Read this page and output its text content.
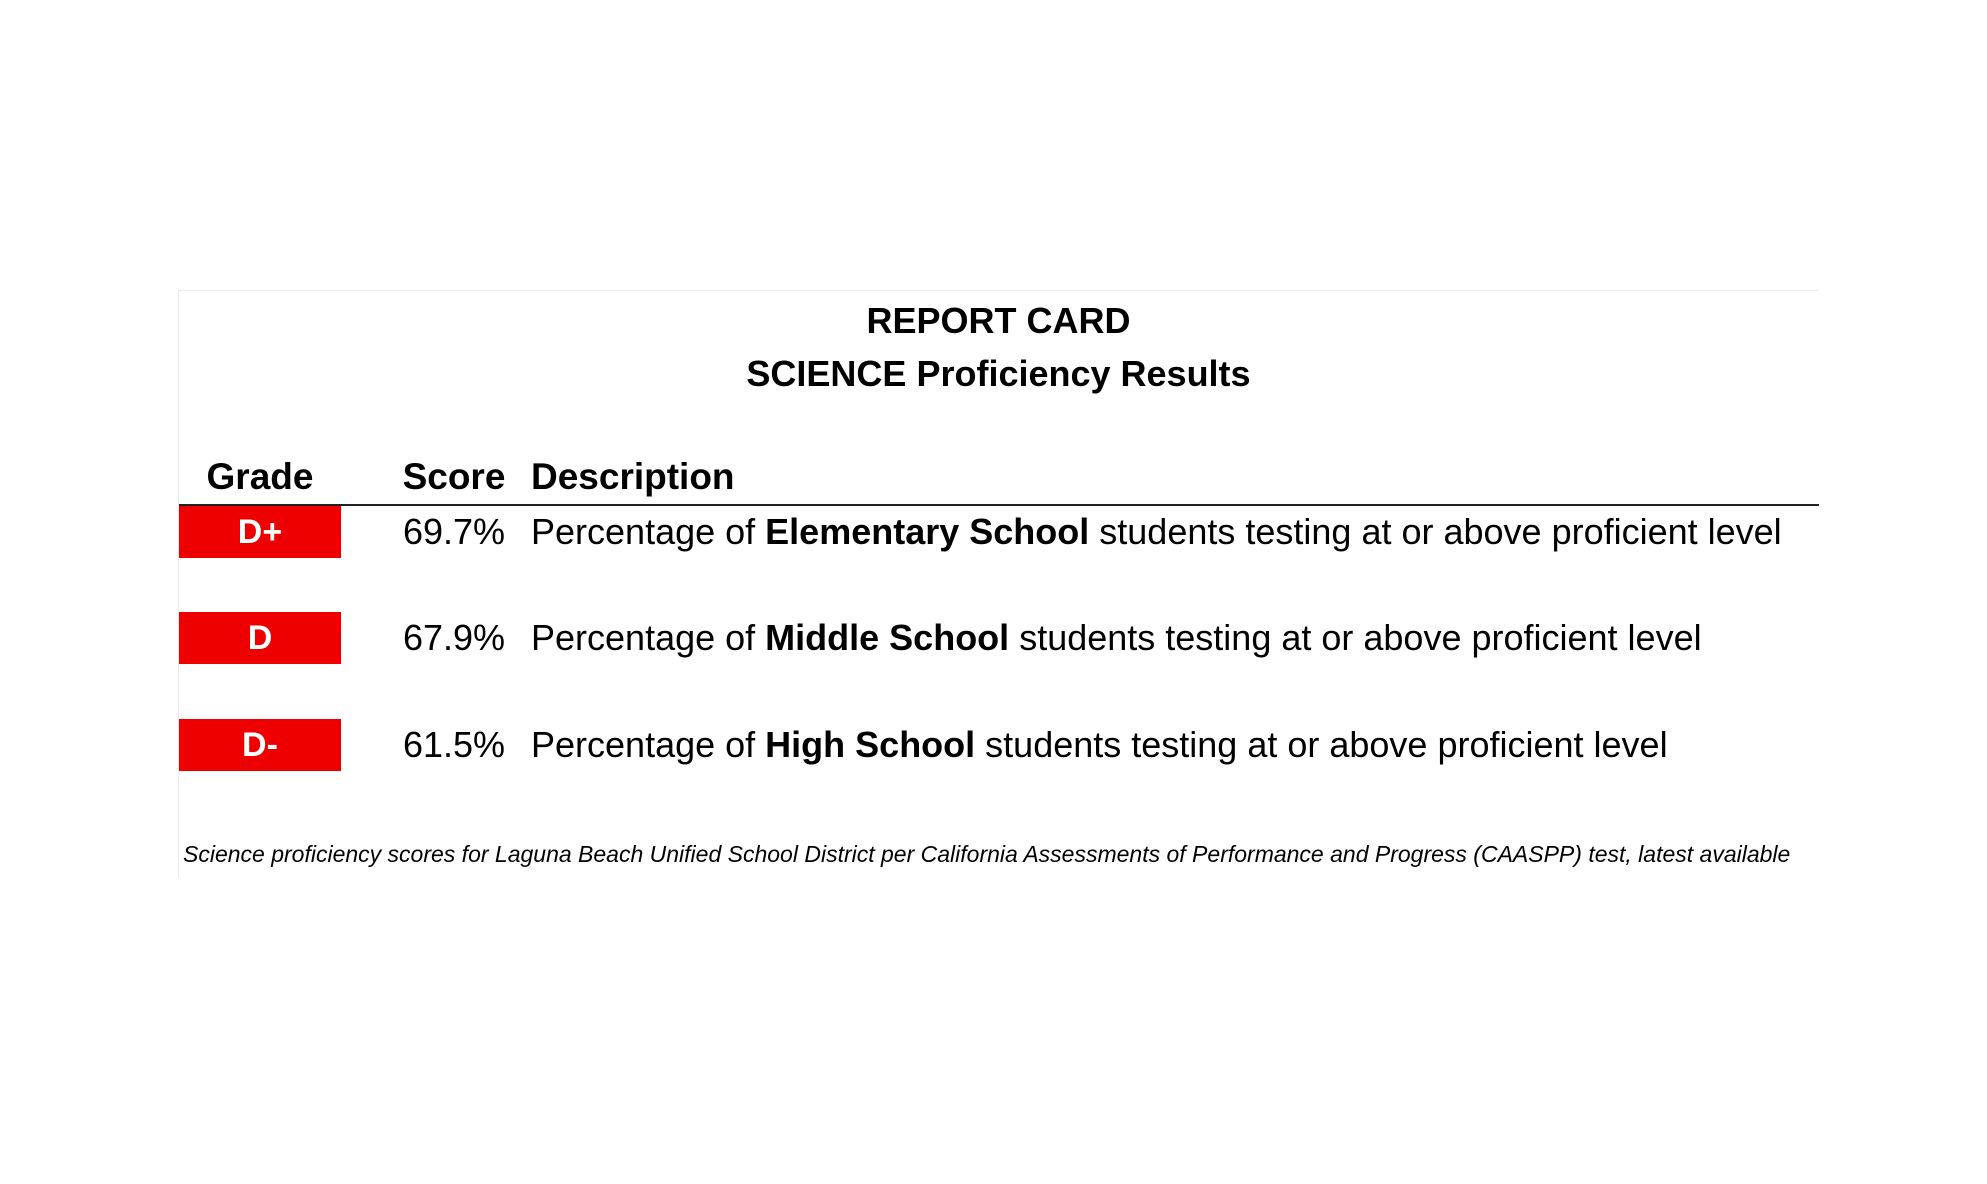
REPORT CARD
SCIENCE Proficiency Results
Grade	Score Description
D+	69.7% Percentage of Elementary School students testing at or above proficient level
D	67.9% Percentage of Middle School students testing at or above proficient level
D-	61.5% Percentage of High School students testing at or above proficient level
Science proficiency scores for Laguna Beach Unified School District per California Assessments of Performance and Progress (CAASPP) test, latest available
